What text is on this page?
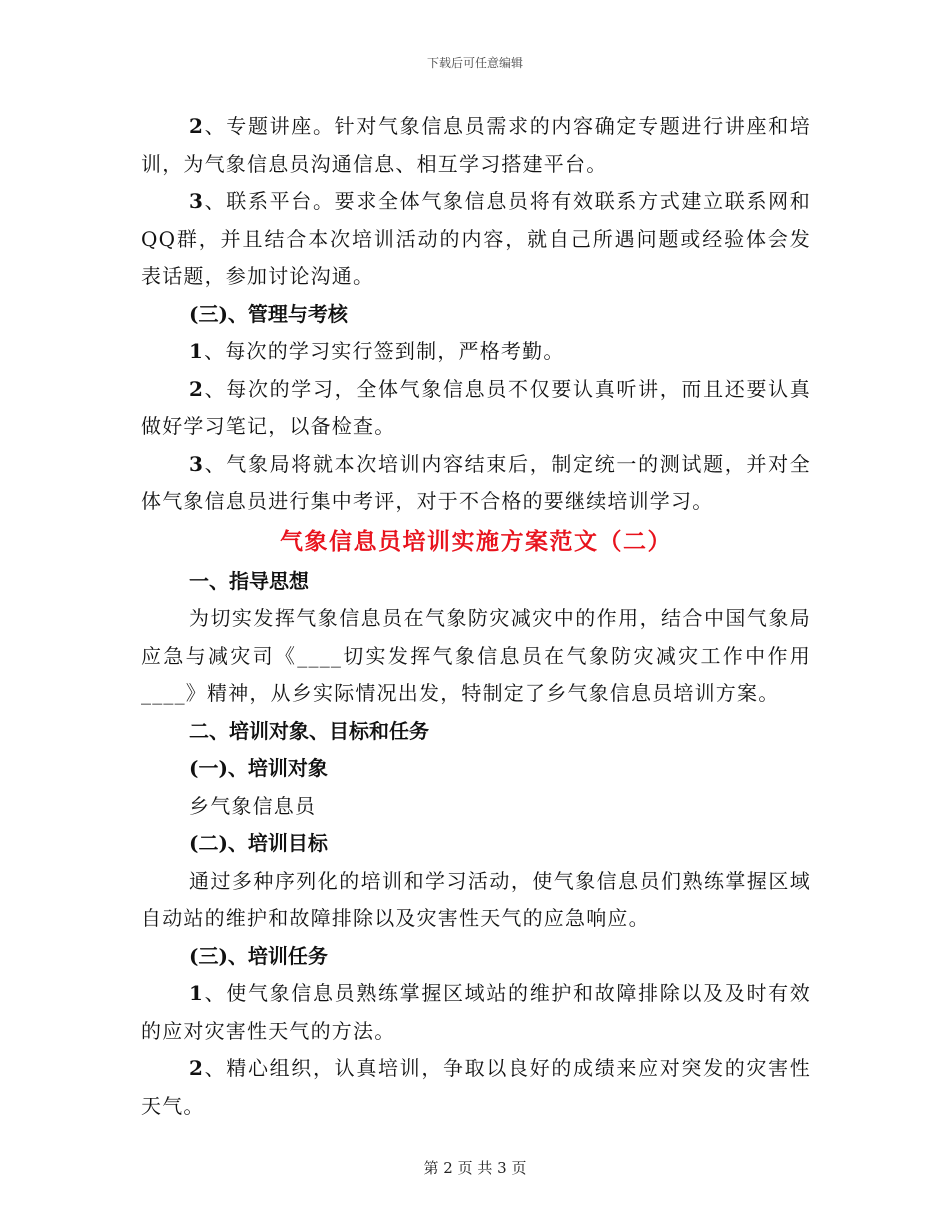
下载后可任意编辑

2、专题讲座。针对气象信息员需求的内容确定专题进行讲座和培训，为气象信息员沟通信息、相互学习搭建平台。

3、联系平台。要求全体气象信息员将有效联系方式建立联系网和QQ群，并且结合本次培训活动的内容，就自己所遇问题或经验体会发表话题，参加讨论沟通。

(三)、管理与考核

1、每次的学习实行签到制，严格考勤。

2、每次的学习，全体气象信息员不仅要认真听讲，而且还要认真做好学习笔记，以备检查。

3、气象局将就本次培训内容结束后，制定统一的测试题，并对全体气象信息员进行集中考评，对于不合格的要继续培训学习。

气象信息员培训实施方案范文（二）

一、指导思想

为切实发挥气象信息员在气象防灾减灾中的作用，结合中国气象局应急与减灾司《____切实发挥气象信息员在气象防灾减灾工作中作用____》精神，从乡实际情况出发，特制定了乡气象信息员培训方案。

二、培训对象、目标和任务

(一)、培训对象

乡气象信息员

(二)、培训目标

通过多种序列化的培训和学习活动，使气象信息员们熟练掌握区域自动站的维护和故障排除以及灾害性天气的应急响应。

(三)、培训任务

1、使气象信息员熟练掌握区域站的维护和故障排除以及及时有效的应对灾害性天气的方法。

2、精心组织，认真培训，争取以良好的成绩来应对突发的灾害性天气。

第 2 页 共 3 页
